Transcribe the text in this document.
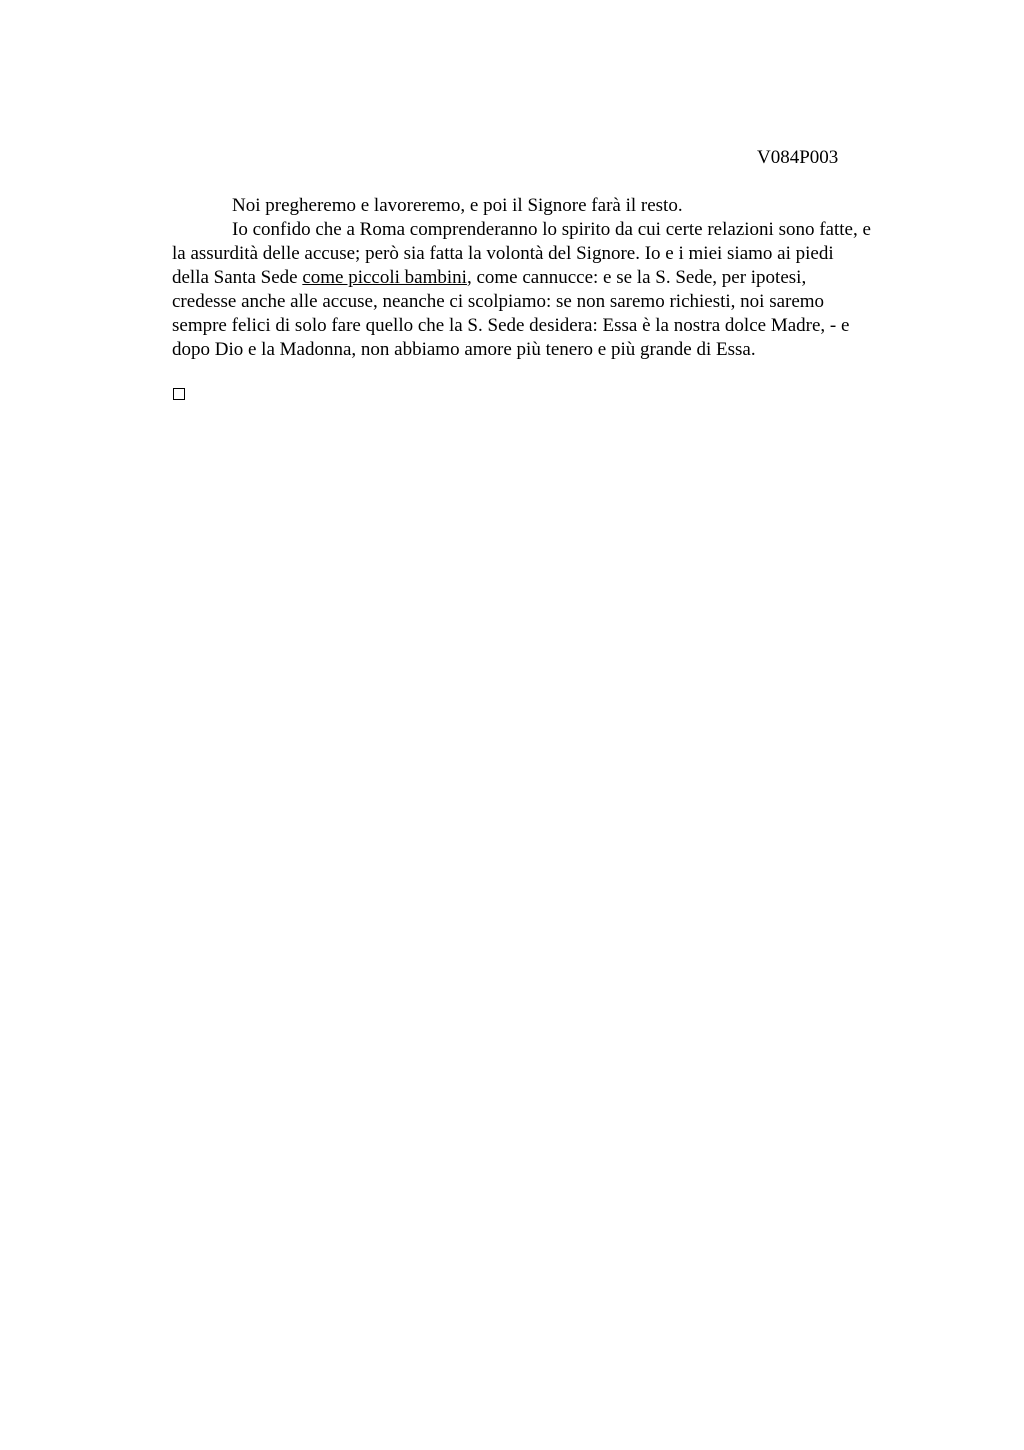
V084P003
Noi pregheremo e lavoreremo, e poi il Signore farà il resto.
Io confido che a Roma comprenderanno lo spirito da cui certe relazioni sono fatte, e
la assurdità delle accuse; però sia fatta la volontà del Signore. Io e i miei siamo ai piedi
della Santa Sede come piccoli bambini, come cannucce: e se la S. Sede, per ipotesi,
credesse anche alle accuse, neanche ci scolpiamo: se non saremo richiesti, noi saremo
sempre felici di solo fare quello che la S. Sede desidera: Essa è la nostra dolce Madre, - e
dopo Dio e la Madonna, non abbiamo amore più tenero e più grande di Essa.
